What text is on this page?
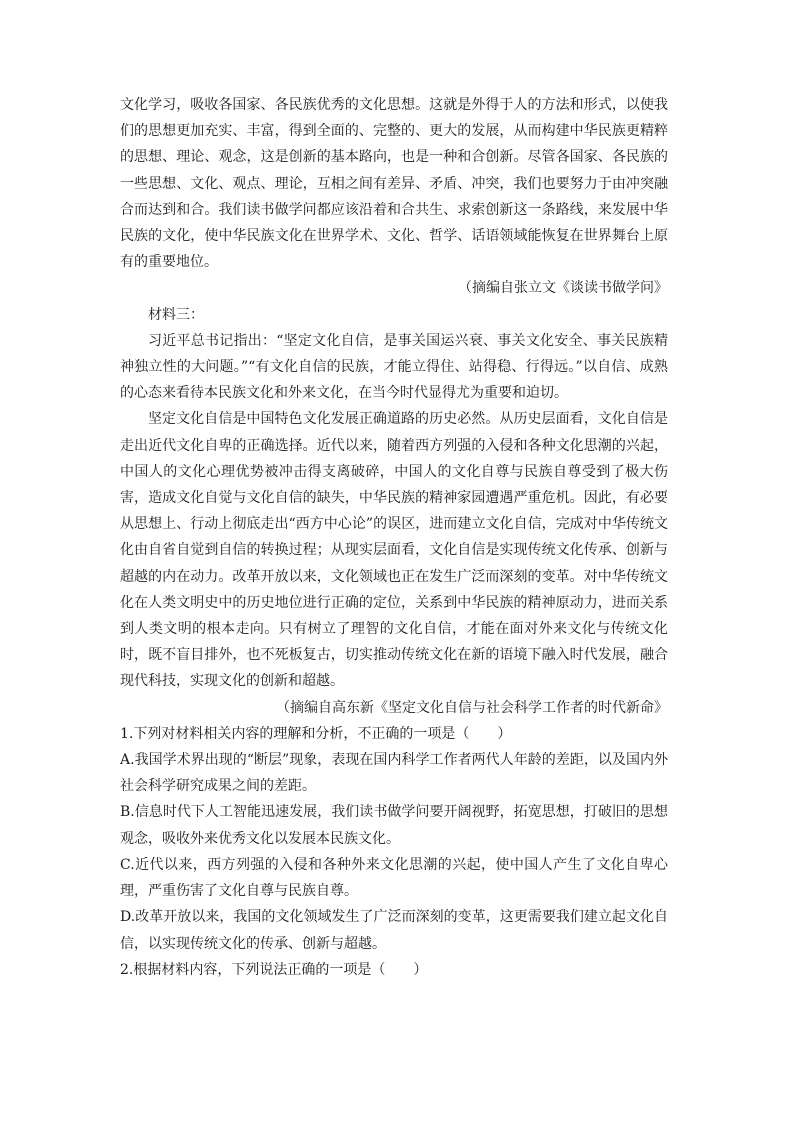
文化学习，吸收各国家、各民族优秀的文化思想。这就是外得于人的方法和形式，以使我们的思想更加充实、丰富，得到全面的、完整的、更大的发展，从而构建中华民族更精粹的思想、理论、观念，这是创新的基本路向，也是一种和合创新。尽管各国家、各民族的一些思想、文化、观点、理论，互相之间有差异、矛盾、冲突，我们也要努力于由冲突融合而达到和合。我们读书做学问都应该沿着和合共生、求索创新这一条路线，来发展中华民族的文化，使中华民族文化在世界学术、文化、哲学、话语领域能恢复在世界舞台上原有的重要地位。

（摘编自张立文《谈读书做学问》

材料三：

习近平总书记指出：“坚定文化自信，是事关国运兴衰、事关文化安全、事关民族精神独立性的大问题。”“有文化自信的民族，才能立得住、站得稳、行得远。”以自信、成熟的心态来看待本民族文化和外来文化，在当今时代显得尤为重要和迫切。

坚定文化自信是中国特色文化发展正确道路的历史必然。从历史层面看，文化自信是走出近代文化自卑的正确选择。近代以来，随着西方列强的入侵和各种文化思潮的兴起，中国人的文化心理优势被冲击得支离破碎，中国人的文化自尊与民族自尊受到了极大伤害，造成文化自觉与文化自信的缺失，中华民族的精神家园遭遇严重危机。因此，有必要从思想上、行动上彻底走出“西方中心论”的误区，进而建立文化自信，完成对中华传统文化由自省自觉到自信的转换过程；从现实层面看，文化自信是实现传统文化传承、创新与超越的内在动力。改革开放以来，文化领域也正在发生广泛而深刻的变革。对中华传统文化在人类文明史中的历史地位进行正确的定位，关系到中华民族的精神原动力，进而关系到人类文明的根本走向。只有树立了理智的文化自信，才能在面对外来文化与传统文化时，既不盲目排外，也不死板复古，切实推动传统文化在新的语境下融入时代发展，融合现代科技，实现文化的创新和超越。

（摘编自高东新《坚定文化自信与社会科学工作者的时代新命》

1.下列对材料相关内容的理解和分析，不正确的一项是（　　）

A.我国学术界出现的“断层”现象，表现在国内科学工作者两代人年龄的差距，以及国内外社会科学研究成果之间的差距。

B.信息时代下人工智能迅速发展，我们读书做学问要开阔视野，拓宽思想，打破旧的思想观念，吸收外来优秀文化以发展本民族文化。

C.近代以来，西方列强的入侵和各种外来文化思潮的兴起，使中国人产生了文化自卑心理，严重伤害了文化自尊与民族自尊。

D.改革开放以来，我国的文化领域发生了广泛而深刻的变革，这更需要我们建立起文化自信，以实现传统文化的传承、创新与超越。

2.根据材料内容，下列说法正确的一项是（　　）
